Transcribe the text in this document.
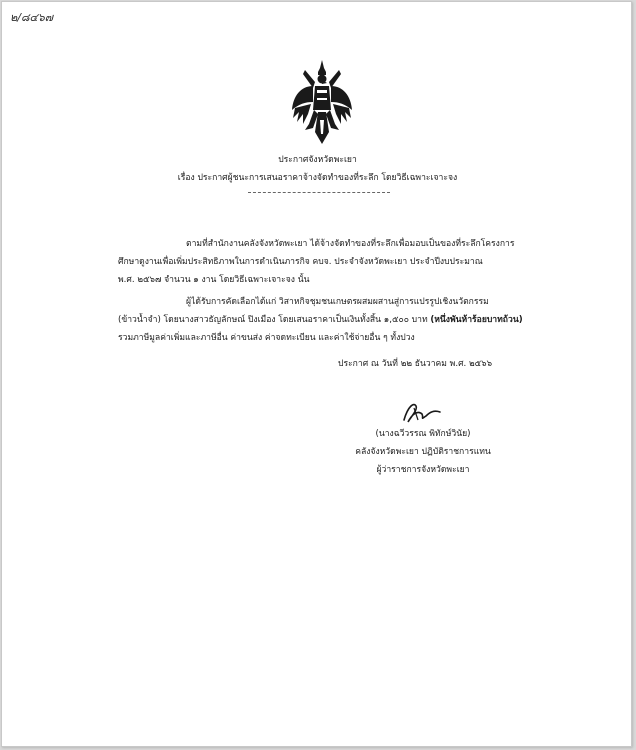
๒/๘๔๖๗
ประกาศจังหวัดพะเยา
เรื่อง ประกาศผู้ชนะการเสนอราคาจ้างจัดทำของที่ระลึก โดยวิธีเฉพาะเจาะจง
ตามที่สำนักงานคลังจังหวัดพะเยา ได้จ้างจัดทำของที่ระลึกเพื่อมอบเป็นของที่ระลึกโครงการ
ศึกษาดูงานเพื่อเพิ่มประสิทธิภาพในการดำเนินภารกิจ คบจ. ประจำจังหวัดพะเยา ประจำปีงบประมาณ
พ.ศ. ๒๕๖๗ จำนวน ๑ งาน โดยวิธีเฉพาะเจาะจง นั้น
ผู้ได้รับการคัดเลือกได้แก่ วิสาหกิจชุมชนเกษตรผสมผสานสู่การแปรรูปเชิงนวัตกรรม
(ข้าวน้ำจำ) โดยนางสาวธัญลักษณ์ ปิงเมือง โดยเสนอราคาเป็นเงินทั้งสิ้น ๑,๕๐๐ บาท (หนึ่งพันห้าร้อยบาทถ้วน)
รวมภาษีมูลค่าเพิ่มและภาษีอื่น ค่าขนส่ง ค่าจดทะเบียน และค่าใช้จ่ายอื่น ๆ ทั้งปวง
ประกาศ ณ วันที่ ๒๒ ธันวาคม พ.ศ. ๒๕๖๖
(นางฉวีวรรณ พิทักษ์วินัย)
คลังจังหวัดพะเยา ปฏิบัติราชการแทน
ผู้ว่าราชการจังหวัดพะเยา
